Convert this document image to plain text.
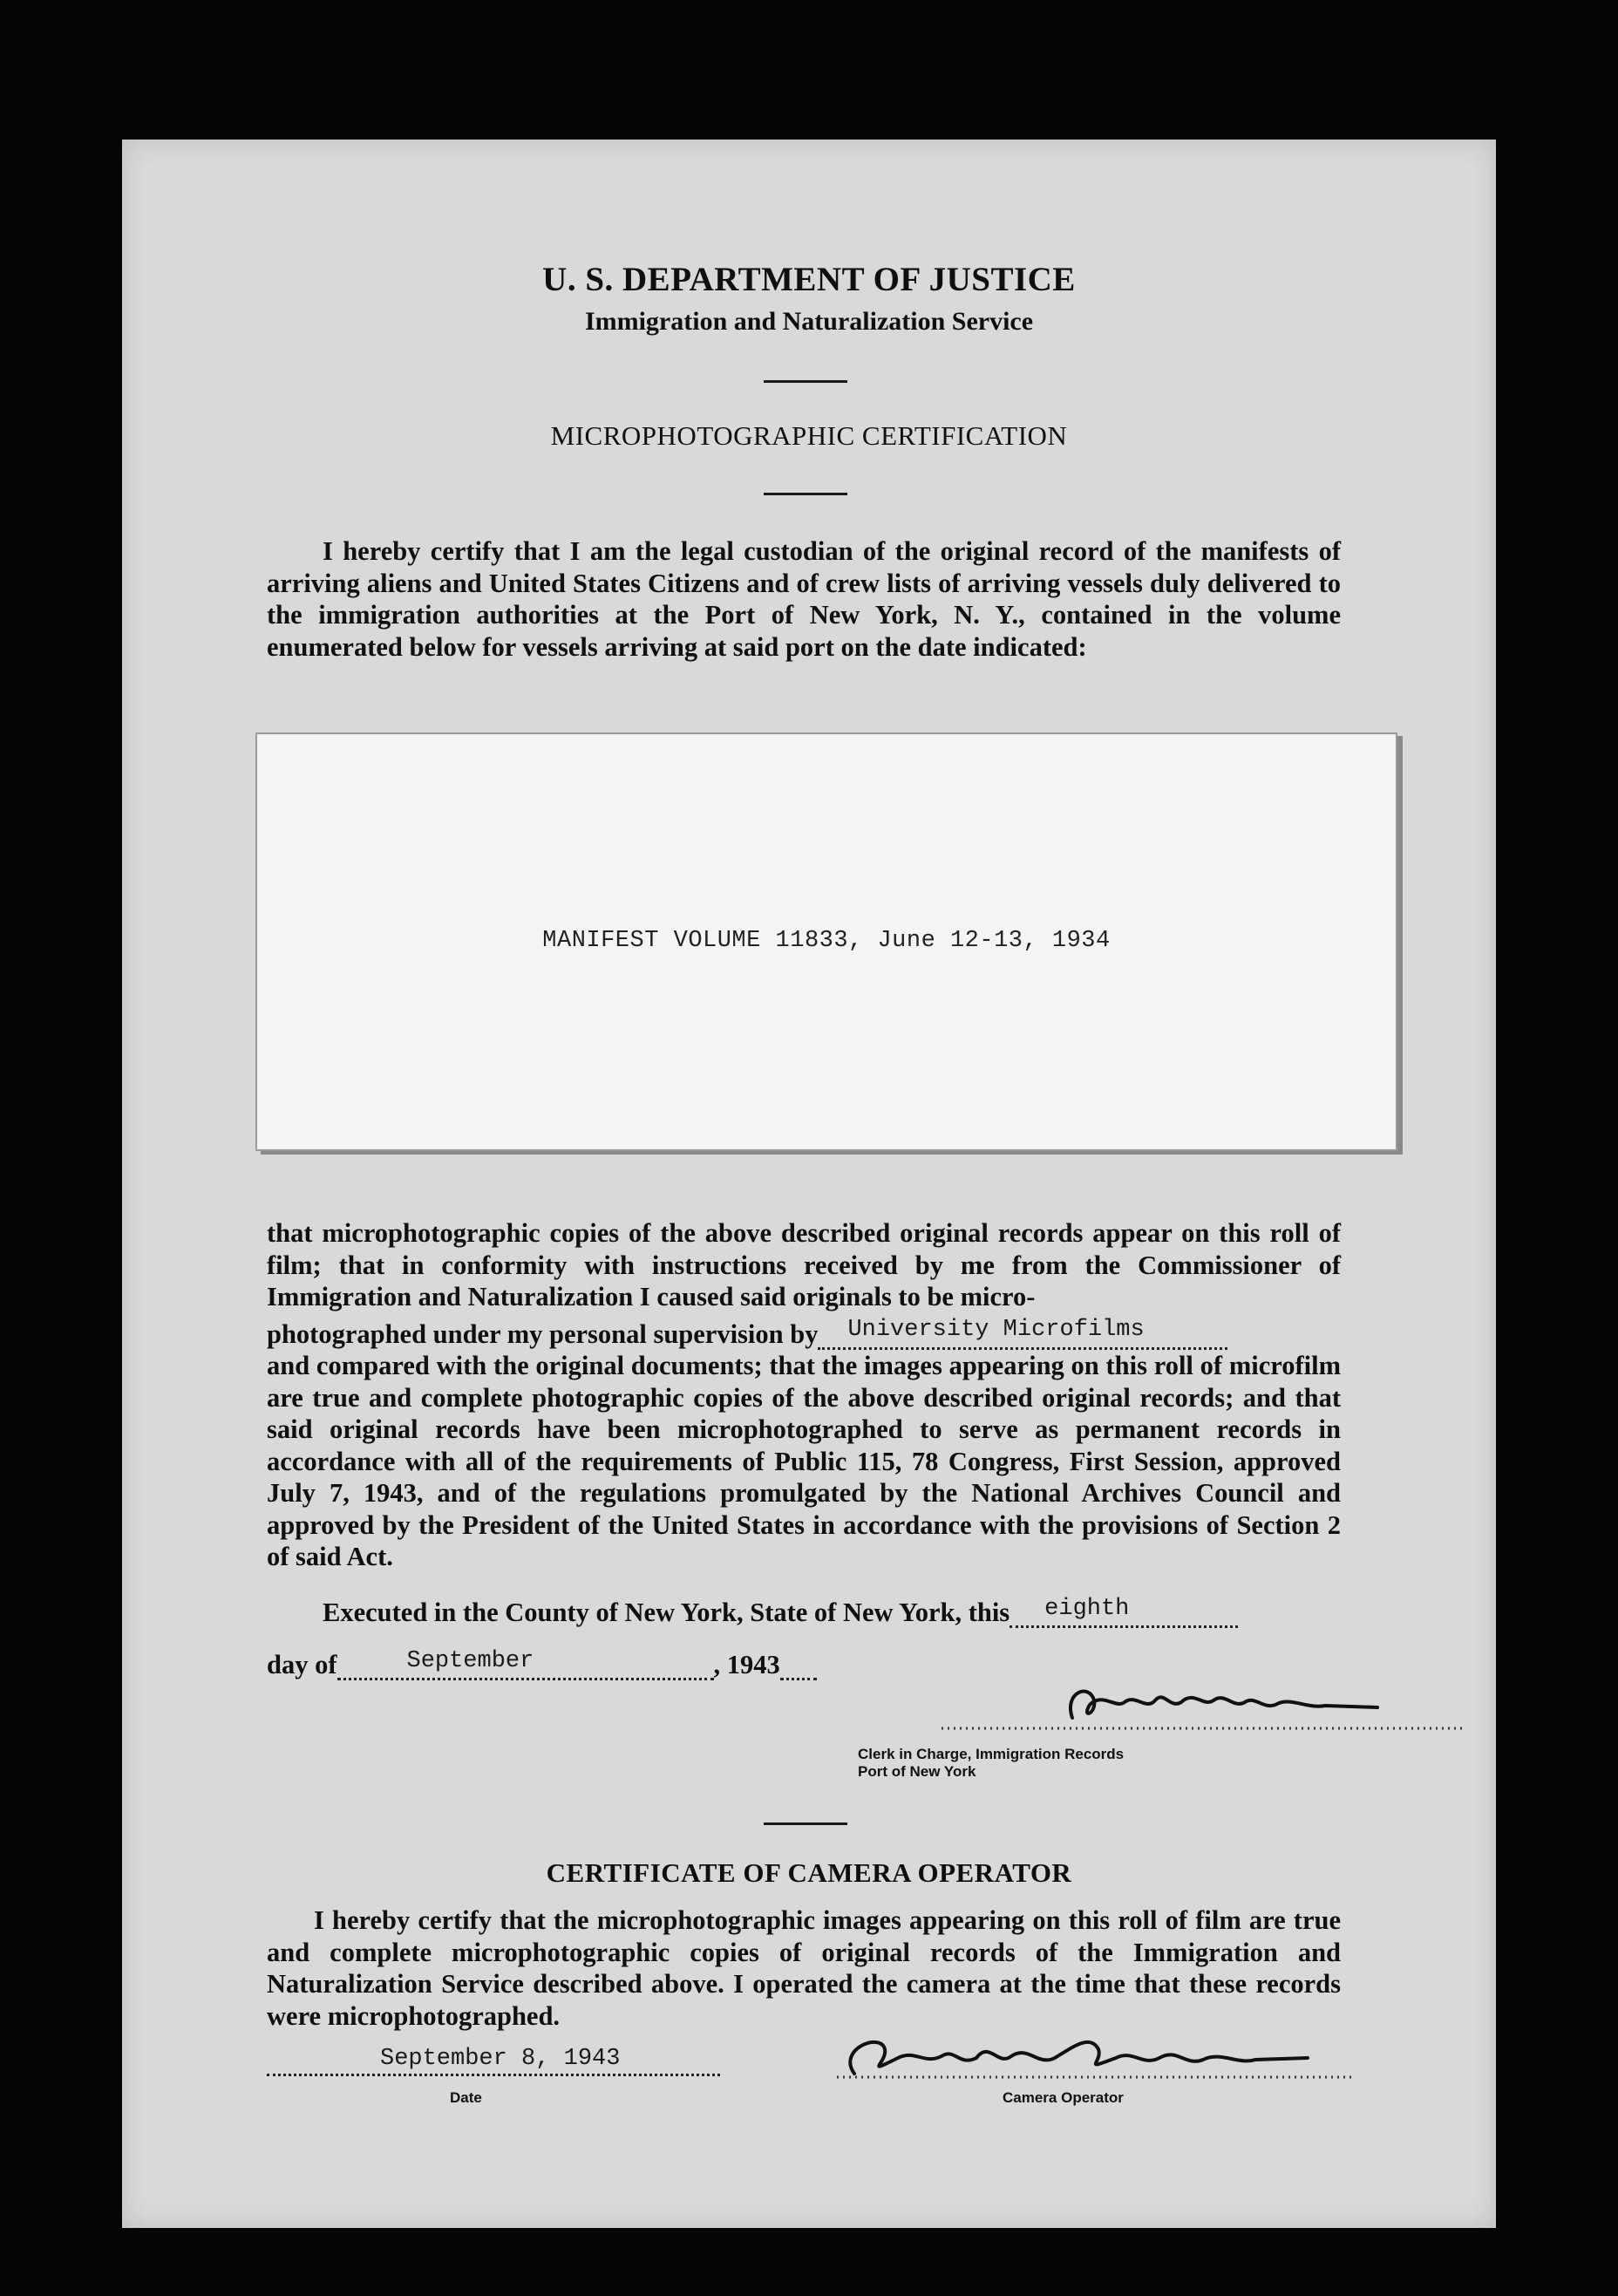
U. S. DEPARTMENT OF JUSTICE
Immigration and Naturalization Service
MICROPHOTOGRAPHIC CERTIFICATION

I hereby certify that I am the legal custodian of the original record of the manifests of arriving aliens and United States Citizens and of crew lists of arriving vessels duly delivered to the immigration authorities at the Port of New York, N. Y., contained in the volume enumerated below for vessels arriving at said port on the date indicated:

MANIFEST VOLUME 11833, June 12-13, 1934

that microphotographic copies of the above described original records appear on this roll of film; that in conformity with instructions received by me from the Commissioner of Immigration and Naturalization I caused said originals to be micro-

photographed under my personal supervision by University Microfilms

and compared with the original documents; that the images appearing on this roll of microfilm are true and complete photographic copies of the above described original records; and that said original records have been microphotographed to serve as permanent records in accordance with all of the requirements of Public 115, 78 Congress, First Session, approved July 7, 1943, and of the regulations promulgated by the National Archives Council and approved by the President of the United States in accordance with the provisions of Section 2 of said Act.

Executed in the County of New York, State of New York, this eighth
day of	September	, 1943
Clerk in Charge, Immigration Records
Port of New York
CERTIFICATE OF CAMERA OPERATOR

I hereby certify that the microphotographic images appearing on this roll of film are true and complete microphotographic copies of original records of the Immigration and Naturalization Service described above. I operated the camera at the time that these records were microphotographed.

September 8, 1943
Date	Camera Operator
